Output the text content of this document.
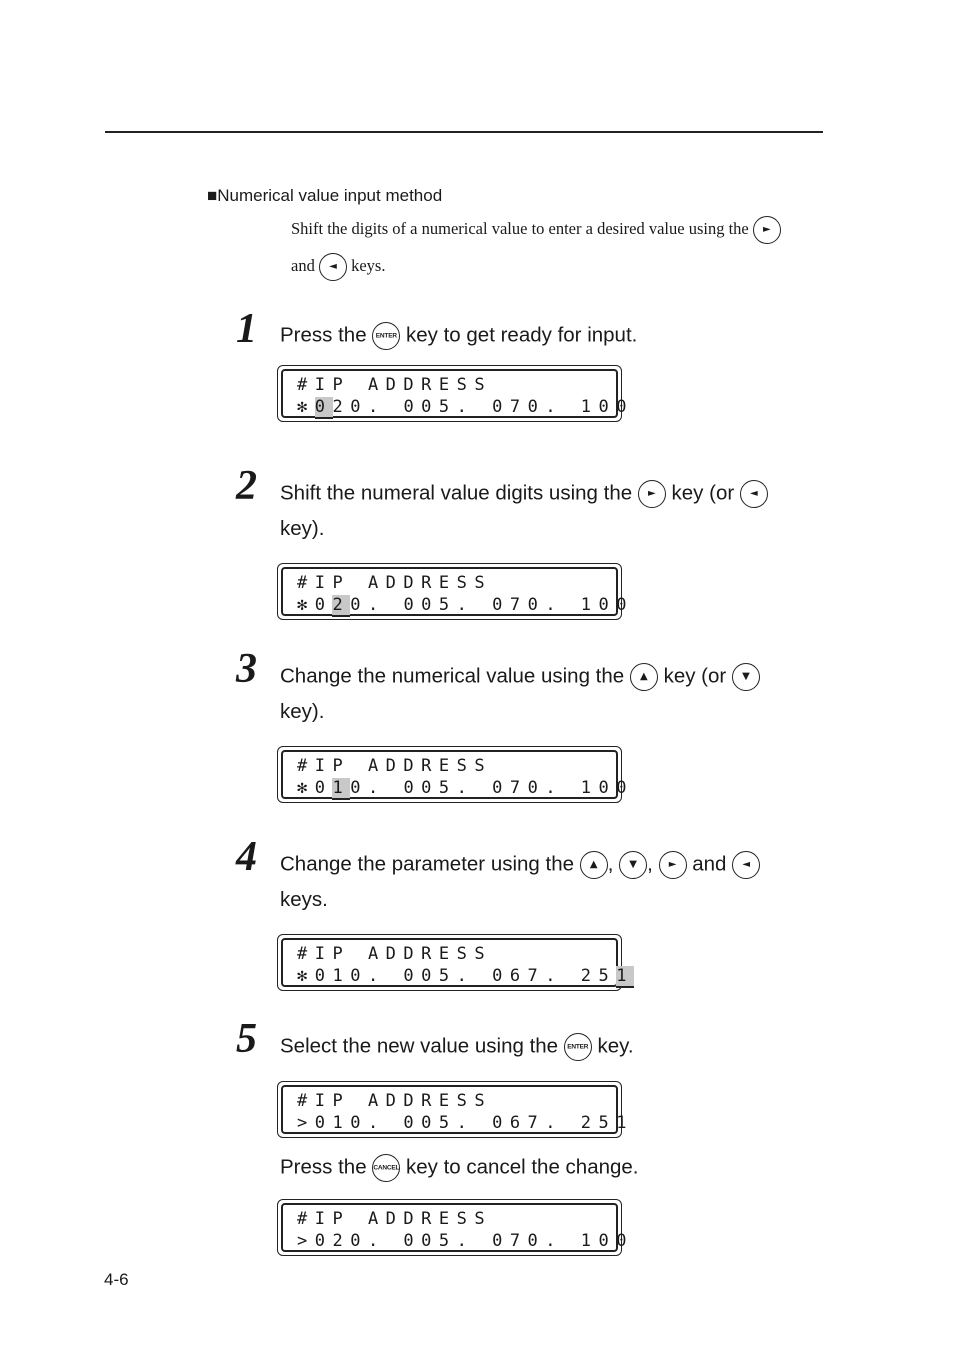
■Numerical value input method
Shift the digits of a numerical value to enter a desired value using the	►
and	◄ keys.
1 Press the	ENTER key to get ready for input.
#IP ADDRESS
✻020. 005. 070. 100
2 Shift the numeral value digits using the	► key (or	◄
key).
#IP ADDRESS
✻020. 005. 070. 100
3 Change the numerical value using the	▲ key (or	▼
key).
#IP ADDRESS
✻010. 005. 070. 100
4 Change the parameter using the	▲ ,	▼ ,	► and	◄
keys.
#IP ADDRESS
✻010. 005. 067. 251
5 Select the new value using the	ENTER key.
#IP ADDRESS
>010. 005. 067. 251
Press the	CANCEL key to cancel the change.
#IP ADDRESS
>020. 005. 070. 100
4-6
